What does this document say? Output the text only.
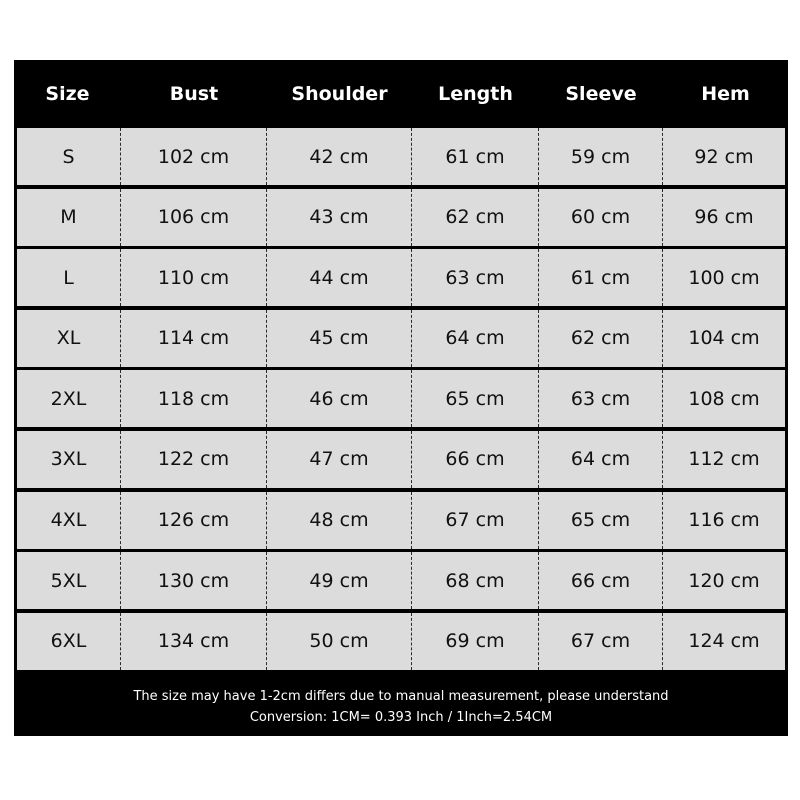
Size	Bust	Shoulder	Length	Sleeve	Hem
S	102 cm	42 cm	61 cm	59 cm	92 cm
M	106 cm	43 cm	62 cm	60 cm	96 cm
L	110 cm	44 cm	63 cm	61 cm	100 cm
XL	114 cm	45 cm	64 cm	62 cm	104 cm
2XL	118 cm	46 cm	65 cm	63 cm	108 cm
3XL	122 cm	47 cm	66 cm	64 cm	112 cm
4XL	126 cm	48 cm	67 cm	65 cm	116 cm
5XL	130 cm	49 cm	68 cm	66 cm	120 cm
6XL	134 cm	50 cm	69 cm	67 cm	124 cm
The size may have 1-2cm differs due to manual measurement, please understand
Conversion: 1CM= 0.393 Inch / 1Inch=2.54CM
